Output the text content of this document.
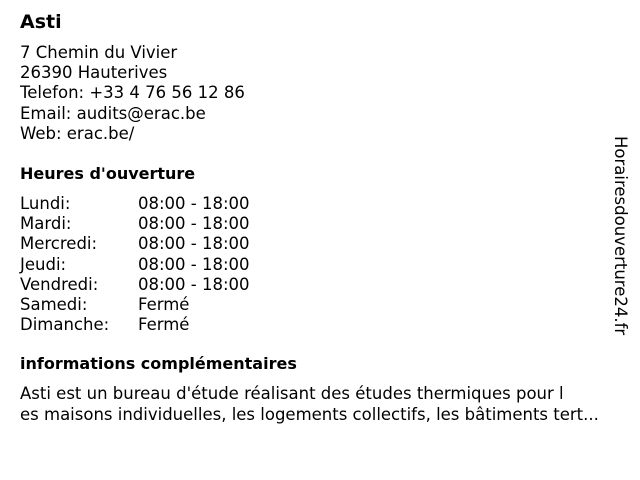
Asti
7 Chemin du Vivier
26390 Hauterives
Telefon: +33 4 76 56 12 86
Email: audits@erac.be
Web: erac.be/
Heures d'ouverture
Lundi:	08:00 - 18:00
Mardi:	08:00 - 18:00
Mercredi:	08:00 - 18:00
Jeudi:	08:00 - 18:00
Vendredi:	08:00 - 18:00
Samedi:	Fermé
Dimanche:	Fermé
informations complémentaires
Asti est un bureau d'étude réalisant des études thermiques pour l
es maisons individuelles, les logements collectifs, les bâtiments tert...
Horairesdouverture24.fr
